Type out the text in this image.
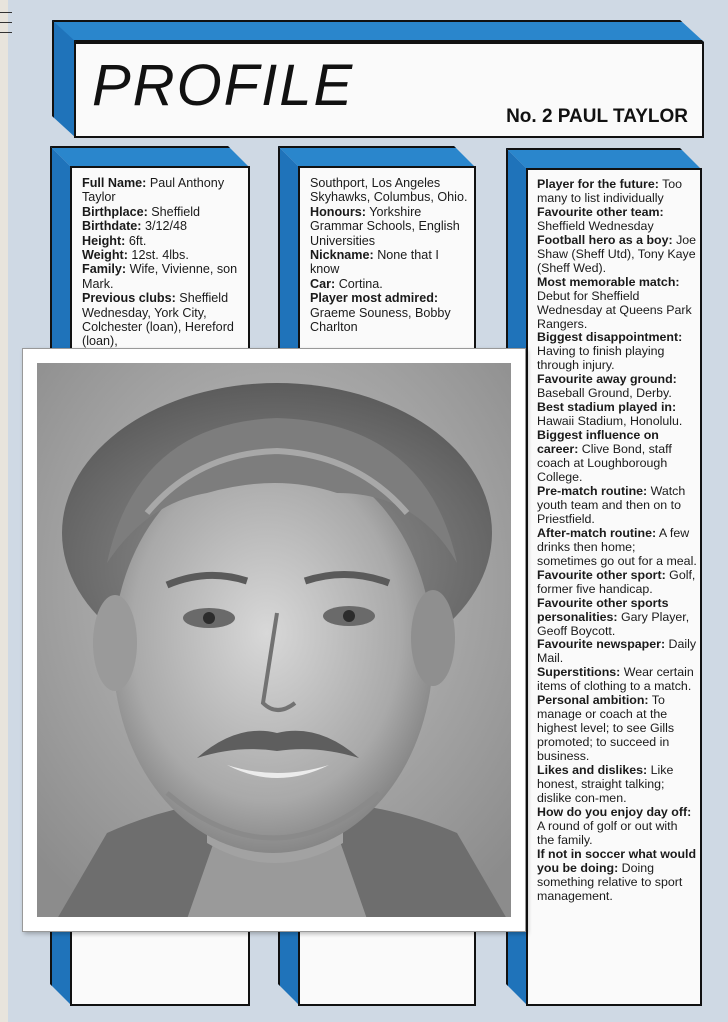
PROFILE	No. 2 PAUL TAYLOR
Full Name: Paul Anthony Taylor
Birthplace: Sheffield
Birthdate: 3/12/48
Height: 6ft.
Weight: 12st. 4lbs.
Family: Wife, Vivienne, son Mark.
Previous clubs: Sheffield Wednesday, York City, Colchester (loan), Hereford (loan),
Southport, Los Angeles Skyhawks, Columbus, Ohio.
Honours: Yorkshire Grammar Schools, English Universities
Nickname: None that I know
Car: Cortina.
Player most admired: Graeme Souness, Bobby Charlton
Player for the future: Too many to list individually
Favourite other team: Sheffield Wednesday
Football hero as a boy: Joe Shaw (Sheff Utd), Tony Kaye (Sheff Wed).
Most memorable match: Debut for Sheffield Wednesday at Queens Park Rangers.
Biggest disappointment: Having to finish playing through injury.
Favourite away ground: Baseball Ground, Derby.
Best stadium played in: Hawaii Stadium, Honolulu.
Biggest influence on career: Clive Bond, staff coach at Loughborough College.
Pre-match routine: Watch youth team and then on to Priestfield.
After-match routine: A few drinks then home; sometimes go out for a meal.
Favourite other sport: Golf, former five handicap.
Favourite other sports personalities: Gary Player, Geoff Boycott.
Favourite newspaper: Daily Mail.
Superstitions: Wear certain items of clothing to a match.
Personal ambition: To manage or coach at the highest level; to see Gills promoted; to succeed in business.
Likes and dislikes: Like honest, straight talking; dislike con-men.
How do you enjoy day off: A round of golf or out with the family.
If not in soccer what would you be doing: Doing something relative to sport management.
